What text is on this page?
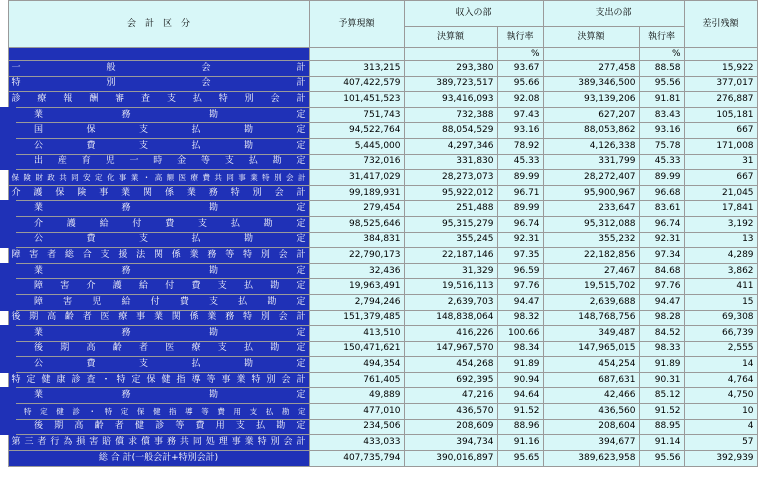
会　計　区　分	予算現額	収入の部		支出の部		差引残額
		決算額	執行率	決算額	執行率	
			%		%	
一般会計	313,215	293,380	93.67	277,458	88.58	15,922
特別会計	407,422,579	389,723,517	95.66	389,346,500	95.56	377,017
診療報酬審査支払特別会計	101,451,523	93,416,093	92.08	93,139,206	91.81	276,887
業務勘定	751,743	732,388	97.43	627,207	83.43	105,181
国保支払勘定	94,522,764	88,054,529	93.16	88,053,862	93.16	667
公費支払勘定	5,445,000	4,297,346	78.92	4,126,338	75.78	171,008
出産育児一時金等支払勘定	732,016	331,830	45.33	331,799	45.33	31
保険財政共同安定化事業・高額医療費共同事業特別会計	31,417,029	28,273,073	89.99	28,272,407	89.99	667
介護保険事業関係業務特別会計	99,189,931	95,922,012	96.71	95,900,967	96.68	21,045
業務勘定	279,454	251,488	89.99	233,647	83.61	17,841
介護給付費支払勘定	98,525,646	95,315,279	96.74	95,312,088	96.74	3,192
公費支払勘定	384,831	355,245	92.31	355,232	92.31	13
障害者総合支援法関係業務等特別会計	22,790,173	22,187,146	97.35	22,182,856	97.34	4,289
業務勘定	32,436	31,329	96.59	27,467	84.68	3,862
障害介護給付費支払勘定	19,963,491	19,516,113	97.76	19,515,702	97.76	411
障害児給付費支払勘定	2,794,246	2,639,703	94.47	2,639,688	94.47	15
後期高齢者医療事業関係業務特別会計	151,379,485	148,838,064	98.32	148,768,756	98.28	69,308
業務勘定	413,510	416,226	100.66	349,487	84.52	66,739
後期高齢者医療支払勘定	150,471,621	147,967,570	98.34	147,965,015	98.33	2,555
公費支払勘定	494,354	454,268	91.89	454,254	91.89	14
特定健康診査・特定保健指導等事業特別会計	761,405	692,395	90.94	687,631	90.31	4,764
業務勘定	49,889	47,216	94.64	42,466	85.12	4,750
特定健診・特定保健指導等費用支払勘定	477,010	436,570	91.52	436,560	91.52	10
後期高齢者健診等費用支払勘定	234,506	208,609	88.96	208,604	88.95	4
第三者行為損害賠償求償事務共同処理事業特別会計	433,033	394,734	91.16	394,677	91.14	57
総 合 計(一般会計+特別会計)	407,735,794	390,016,897	95.65	389,623,958	95.56	392,939
